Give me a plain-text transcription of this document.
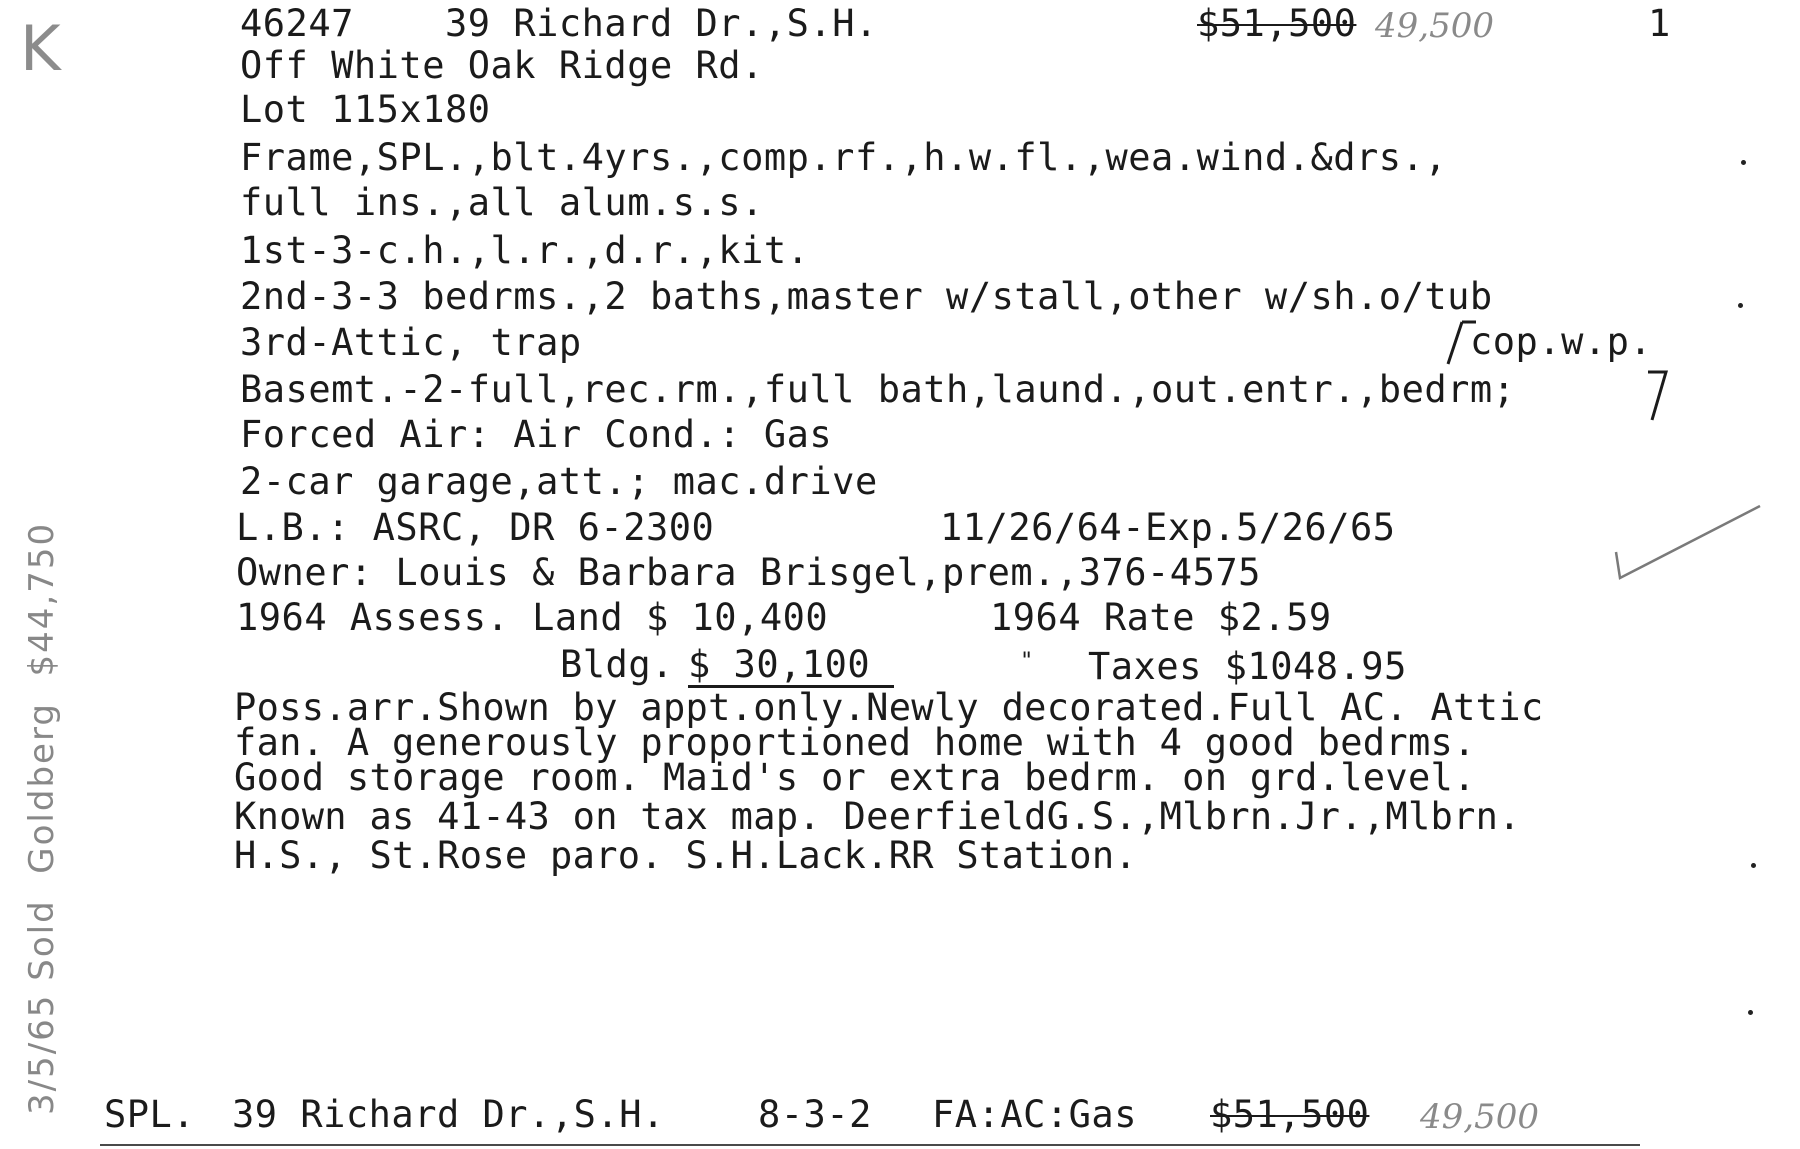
K	46247 39 Richard Dr.,S.H.	$51,500 49,500	1
Off White Oak Ridge Rd.
Lot 115x180
Frame,SPL.,blt.4yrs.,comp.rf.,h.w.fl.,wea.wind.&drs.,
full ins.,all alum.s.s.
1st-3-c.h.,l.r.,d.r.,kit.
2nd-3-3 bedrms.,2 baths,master w/stall,other w/sh.o/tub
3rd-Attic, trap	cop.w.p.
Basemt.-2-full,rec.rm.,full bath,laund.,out.entr.,bedrm;
Forced Air: Air Cond.: Gas
2-car garage,att.; mac.drive
L.B.: ASRC, DR 6-2300	11/26/64-Exp.5/26/65
Owner: Louis & Barbara Brisgel,prem.,376-4575
1964 Assess. Land $ 10,400	1964 Rate $2.59
Bldg. $ 30,100	" Taxes $1048.95
Poss.arr.Shown by appt.only.Newly decorated.Full AC. Attic
fan. A generously proportioned home with 4 good bedrms.
Good storage room. Maid's or extra bedrm. on grd.level.
Known as 41-43 on tax map. DeerfieldG.S.,Mlbrn.Jr.,Mlbrn.
H.S., St.Rose paro. S.H.Lack.RR Station.
3/5/65 Sold  Goldberg  $44,750 SPL. 39 Richard Dr.,S.H.	8-3-2 FA:AC:Gas $51,500 49,500
